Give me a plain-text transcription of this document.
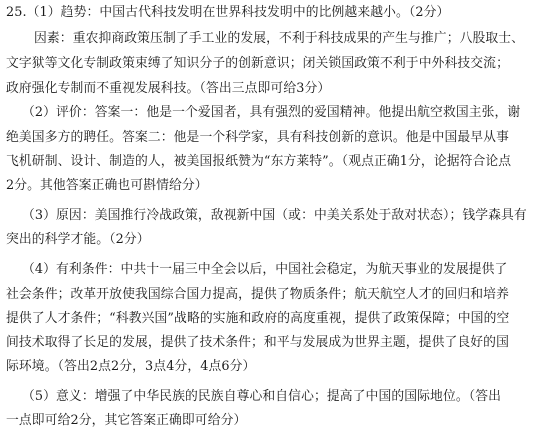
25.（1）趋势：中国古代科技发明在世界科技发明中的比例越来越小。（2分）
因素：重农抑商政策压制了手工业的发展，不利于科技成果的产生与推广；八股取士、
文字狱等文化专制政策束缚了知识分子的创新意识；闭关锁国政策不利于中外科技交流；
政府强化专制而不重视发展科技。（答出三点即可给3分）
（2）评价：答案一：他是一个爱国者，具有强烈的爱国精神。他提出航空救国主张，谢
绝美国多方的聘任。答案二：他是一个科学家，具有科技创新的意识。他是中国最早从事
飞机研制、设计、制造的人，被美国报纸赞为“东方莱特”。（观点正确1分，论据符合论点
2分。其他答案正确也可斟情给分）
（3）原因：美国推行冷战政策，敌视新中国（或：中美关系处于敌对状态）；钱学森具有
突出的科学才能。（2分）
（4）有利条件：中共十一届三中全会以后，中国社会稳定，为航天事业的发展提供了
社会条件；改革开放使我国综合国力提高，提供了物质条件；航天航空人才的回归和培养
提供了人才条件；“科教兴国”战略的实施和政府的高度重视，提供了政策保障；中国的空
间技术取得了长足的发展，提供了技术条件；和平与发展成为世界主题，提供了良好的国
际环境。（答出2点2分，3点4分，4点6分）
（5）意义：增强了中华民族的民族自尊心和自信心；提高了中国的国际地位。（答出
一点即可给2分，其它答案正确即可给分）
